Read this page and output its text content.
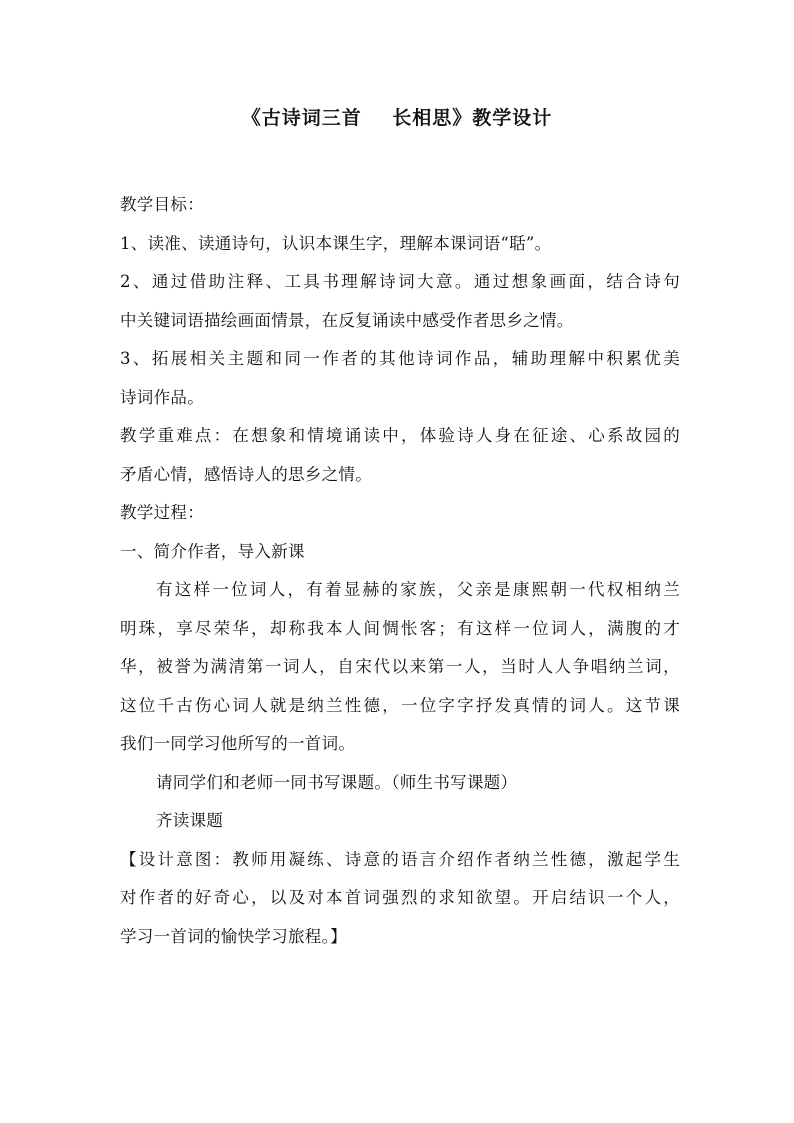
《古诗词三首    长相思》教学设计
教学目标：
1、读准、读通诗句，认识本课生字，理解本课词语“聒”。
2、通过借助注释、工具书理解诗词大意。通过想象画面，结合诗句
中关键词语描绘画面情景，在反复诵读中感受作者思乡之情。
3、拓展相关主题和同一作者的其他诗词作品，辅助理解中积累优美
诗词作品。
教学重难点：在想象和情境诵读中，体验诗人身在征途、心系故园的
矛盾心情，感悟诗人的思乡之情。
教学过程：
一、简介作者，导入新课
有这样一位词人，有着显赫的家族，父亲是康熙朝一代权相纳兰
明珠，享尽荣华，却称我本人间惆怅客；有这样一位词人，满腹的才
华，被誉为满清第一词人，自宋代以来第一人，当时人人争唱纳兰词，
这位千古伤心词人就是纳兰性德，一位字字抒发真情的词人。这节课
我们一同学习他所写的一首词。
请同学们和老师一同书写课题。（师生书写课题）
齐读课题
【设计意图：教师用凝练、诗意的语言介绍作者纳兰性德，激起学生
对作者的好奇心，以及对本首词强烈的求知欲望。开启结识一个人，
学习一首词的愉快学习旅程。】
